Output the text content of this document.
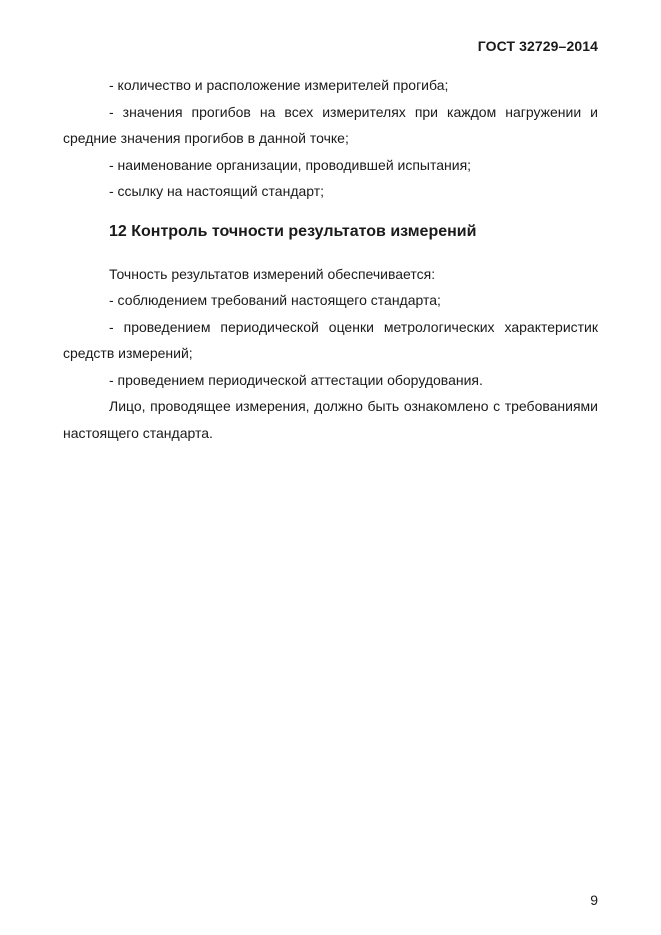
ГОСТ 32729–2014

- количество и расположение измерителей прогиба;

- значения прогибов на всех измерителях при каждом нагружении и средние значения прогибов в данной точке;

- наименование организации, проводившей испытания;

- ссылку на настоящий стандарт;

12 Контроль точности результатов измерений

Точность результатов измерений обеспечивается:

- соблюдением требований настоящего стандарта;

- проведением периодической оценки метрологических характеристик средств измерений;

- проведением периодической аттестации оборудования.

Лицо, проводящее измерения, должно быть ознакомлено с требованиями настоящего стандарта.

9
